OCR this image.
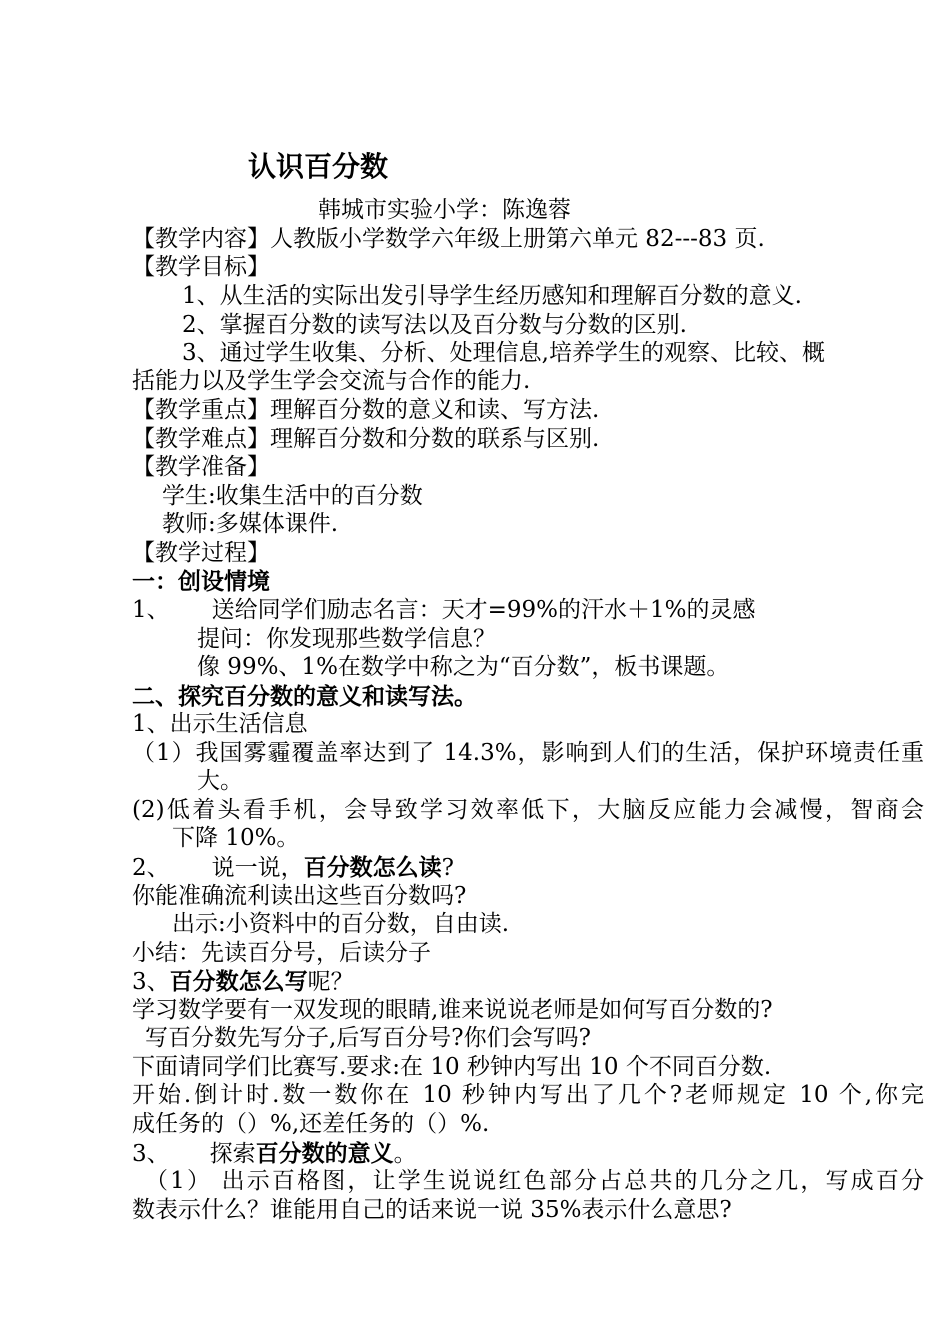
认识百分数
韩城市实验小学：陈逸蓉
【教学内容】人教版小学数学六年级上册第六单元 82---83 页.
【教学目标】
1、从生活的实际出发引导学生经历感知和理解百分数的意义.
2、掌握百分数的读写法以及百分数与分数的区别.
3、通过学生收集、分析、处理信息,培养学生的观察、比较、概
括能力以及学生学会交流与合作的能力.
【教学重点】理解百分数的意义和读、写方法.
【教学难点】理解百分数和分数的联系与区别.
【教学准备】
学生:收集生活中的百分数
教师:多媒体课件.
【教学过程】
一：创设情境
1、 送给同学们励志名言：天才=99%的汗水＋1%的灵感
提问：你发现那些数学信息？
像 99%、1%在数学中称之为“百分数”，板书课题。
二、探究百分数的意义和读写法。
1、出示生活信息
（1）我国雾霾覆盖率达到了 14.3%，影响到人们的生活，保护环境责任重
大。
(2)低着头看手机，会导致学习效率低下，大脑反应能力会减慢，智商会
下降 10%。
2、 说一说，百分数怎么读?
你能准确流利读出这些百分数吗?
出示:小资料中的百分数，自由读.
小结：先读百分号，后读分子
3、百分数怎么写呢？
学习数学要有一双发现的眼睛,谁来说说老师是如何写百分数的?
写百分数先写分子,后写百分号?你们会写吗?
下面请同学们比赛写.要求:在 10 秒钟内写出 10 个不同百分数.
开始.倒计时.数一数你在 10 秒钟内写出了几个?老师规定 10 个,你完
成任务的（）%,还差任务的（）%.
3、 探索百分数的意义。
（1） 出示百格图，让学生说说红色部分占总共的几分之几，写成百分
数表示什么？谁能用自己的话来说一说 35%表示什么意思?
